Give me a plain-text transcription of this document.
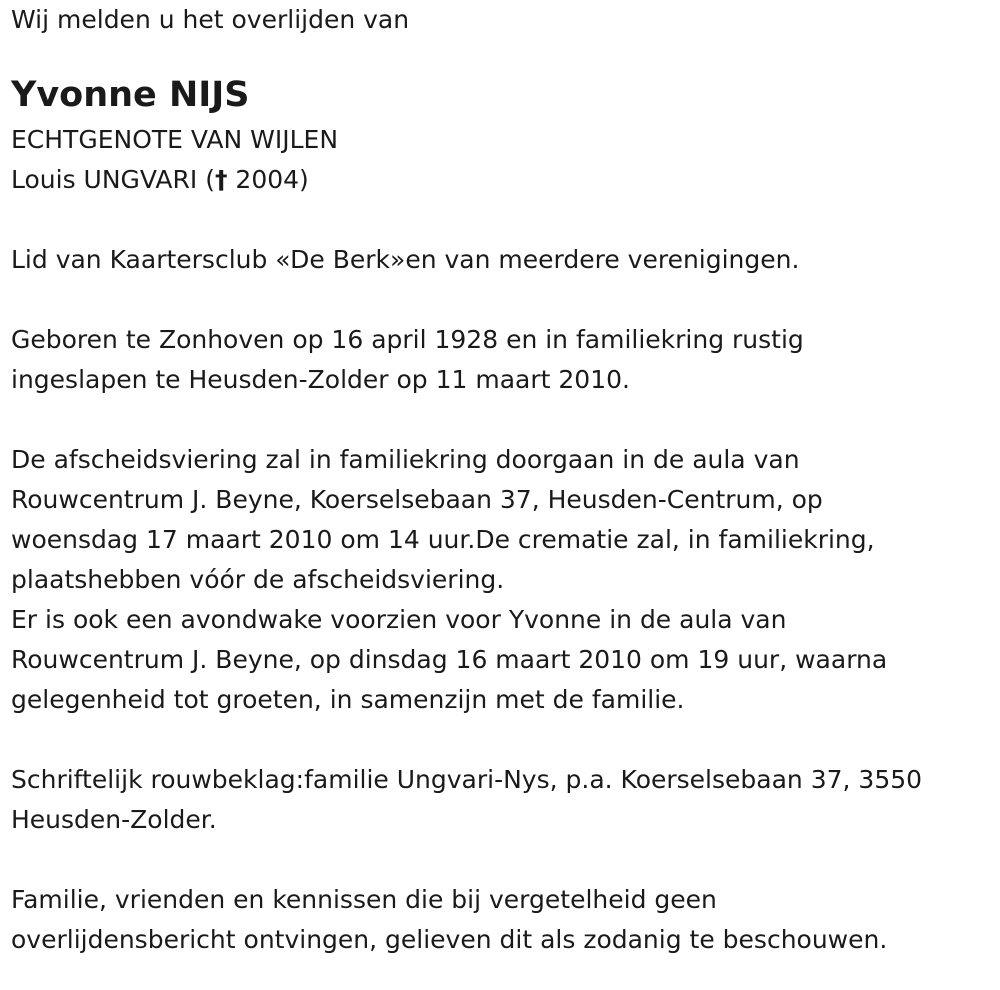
Wij melden u het overlijden van
Yvonne NIJS
ECHTGENOTE VAN WIJLEN
Louis UNGVARI († 2004)
Lid van Kaartersclub «De Berk»en van meerdere verenigingen.
Geboren te Zonhoven op 16 april 1928 en in familiekring rustig
ingeslapen te Heusden-Zolder op 11 maart 2010.
De afscheidsviering zal in familiekring doorgaan in de aula van
Rouwcentrum J. Beyne, Koerselsebaan 37, Heusden-Centrum, op
woensdag 17 maart 2010 om 14 uur.De crematie zal, in familiekring,
plaatshebben vóór de afscheidsviering.
Er is ook een avondwake voorzien voor Yvonne in de aula van
Rouwcentrum J. Beyne, op dinsdag 16 maart 2010 om 19 uur, waarna
gelegenheid tot groeten, in samenzijn met de familie.
Schriftelijk rouwbeklag:familie Ungvari-Nys, p.a. Koerselsebaan 37, 3550
Heusden-Zolder.
Familie, vrienden en kennissen die bij vergetelheid geen
overlijdensbericht ontvingen, gelieven dit als zodanig te beschouwen.
